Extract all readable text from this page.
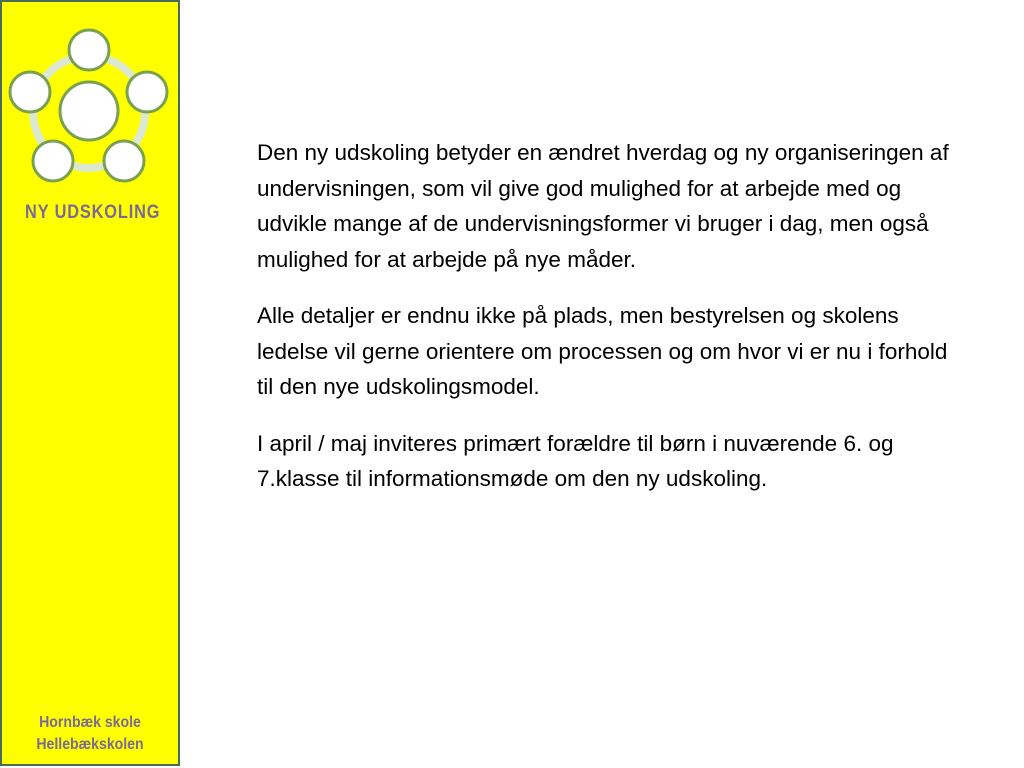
NY UDSKOLING
Hornbæk skole
Hellebækskolen

Den ny udskoling betyder en ændret hverdag og ny organiseringen af undervisningen, som vil give god mulighed for at arbejde med og udvikle mange af de undervisningsformer vi bruger i dag, men også mulighed for at arbejde på nye måder.

Alle detaljer er endnu ikke på plads, men bestyrelsen og skolens ledelse vil gerne orientere om processen og om hvor vi er nu i forhold til den nye udskolingsmodel.

I april / maj inviteres primært forældre til børn i nuværende 6. og 7.klasse til informationsmøde om den ny udskoling.
